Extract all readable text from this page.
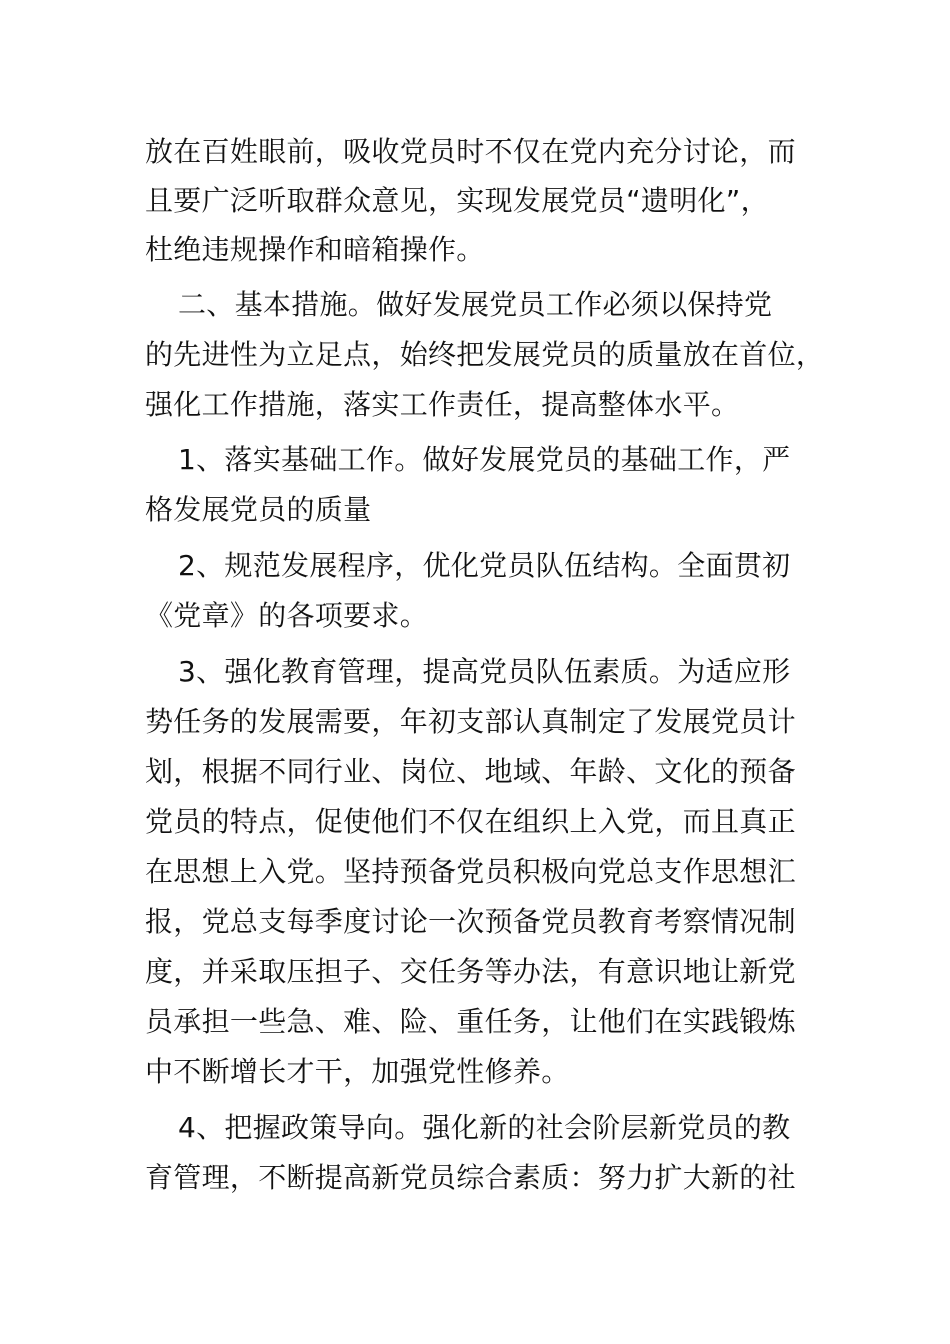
放在百姓眼前，吸收党员时不仅在党内充分讨论，而
且要广泛听取群众意见，实现发展党员“遗明化”，
杜绝违规操作和暗箱操作。
二、基本措施。做好发展党员工作必须以保持党
的先进性为立足点，始终把发展党员的质量放在首位，
强化工作措施，落实工作责任，提高整体水平。
1、落实基础工作。做好发展党员的基础工作，严
格发展党员的质量
2、规范发展程序，优化党员队伍结构。全面贯初
《党章》的各项要求。
3、强化教育管理，提高党员队伍素质。为适应形
势任务的发展需要，年初支部认真制定了发展党员计
划，根据不同行业、岗位、地域、年龄、文化的预备
党员的特点，促使他们不仅在组织上入党，而且真正
在思想上入党。坚持预备党员积极向党总支作思想汇
报，党总支每季度讨论一次预备党员教育考察情况制
度，并采取压担子、交任务等办法，有意识地让新党
员承担一些急、难、险、重任务，让他们在实践锻炼
中不断增长才干，加强党性修养。
4、把握政策导向。强化新的社会阶层新党员的教
育管理，不断提高新党员综合素质：努力扩大新的社
